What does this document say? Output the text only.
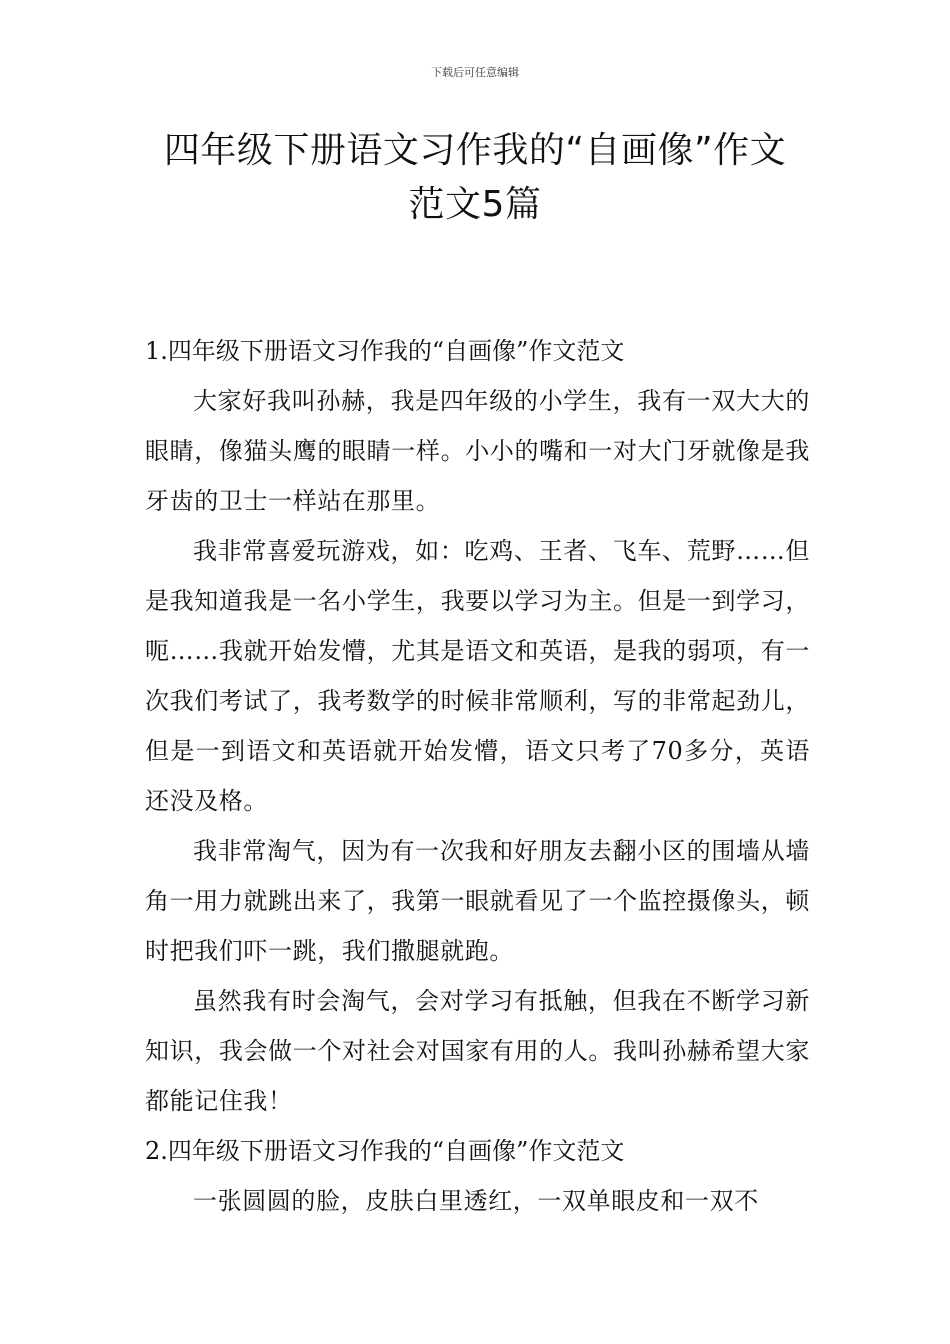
下载后可任意编辑
四年级下册语文习作我的“自画像”作文
范文5篇
1.四年级下册语文习作我的“自画像”作文范文

大家好我叫孙赫，我是四年级的小学生，我有一双大大的眼睛，像猫头鹰的眼睛一样。小小的嘴和一对大门牙就像是我牙齿的卫士一样站在那里。

我非常喜爱玩游戏，如：吃鸡、王者、飞车、荒野……但是我知道我是一名小学生，我要以学习为主。但是一到学习，呃……我就开始发懵，尤其是语文和英语，是我的弱项，有一次我们考试了，我考数学的时候非常顺利，写的非常起劲儿，但是一到语文和英语就开始发懵，语文只考了70多分，英语还没及格。

我非常淘气，因为有一次我和好朋友去翻小区的围墙从墙角一用力就跳出来了，我第一眼就看见了一个监控摄像头，顿时把我们吓一跳，我们撒腿就跑。

虽然我有时会淘气，会对学习有抵触，但我在不断学习新知识，我会做一个对社会对国家有用的人。我叫孙赫希望大家都能记住我！

2.四年级下册语文习作我的“自画像”作文范文

一张圆圆的脸，皮肤白里透红，一双单眼皮和一双不
